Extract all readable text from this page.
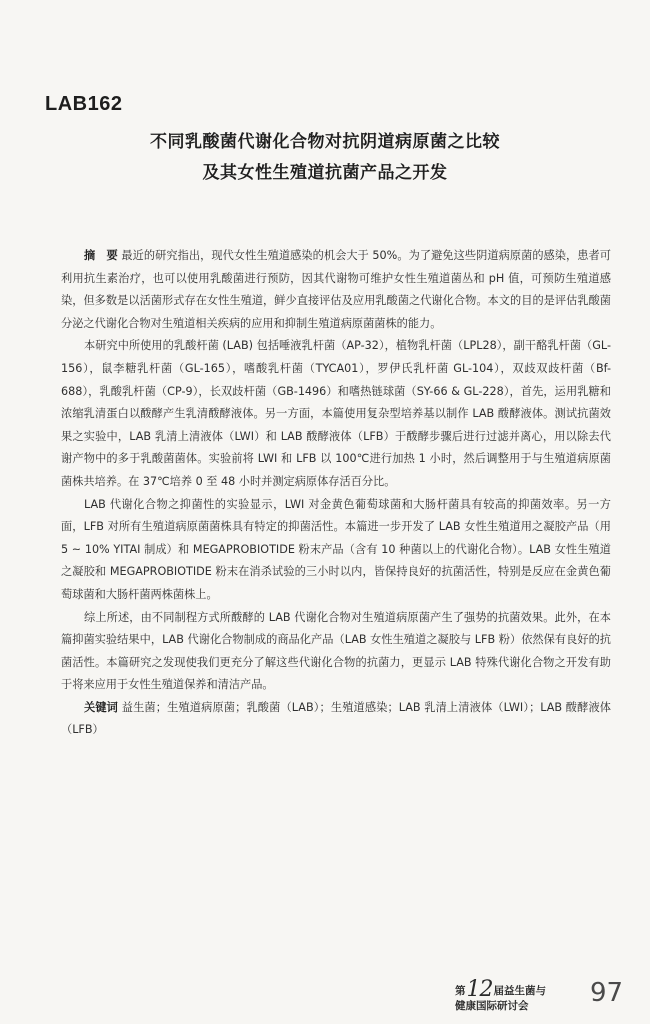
LAB162
不同乳酸菌代谢化合物对抗阴道病原菌之比较
及其女性生殖道抗菌产品之开发

摘　要 最近的研究指出，现代女性生殖道感染的机会大于 50%。为了避免这些阴道病原菌的感染，患者可利用抗生素治疗，也可以使用乳酸菌进行预防，因其代谢物可维护女性生殖道菌丛和 pH 值，可预防生殖道感染，但多数是以活菌形式存在女性生殖道，鲜少直接评估及应用乳酸菌之代谢化合物。本文的目的是评估乳酸菌分泌之代谢化合物对生殖道相关疾病的应用和抑制生殖道病原菌菌株的能力。

本研究中所使用的乳酸杆菌 (LAB) 包括唾液乳杆菌（AP-32），植物乳杆菌（LPL28），副干酪乳杆菌（GL-156），鼠李糖乳杆菌（GL-165），嗜酸乳杆菌（TYCA01），罗伊氏乳杆菌 GL-104），双歧双歧杆菌（Bf-688），乳酸乳杆菌（CP-9），长双歧杆菌（GB-1496）和嗜热链球菌（SY-66 & GL-228），首先，运用乳糖和浓缩乳清蛋白以酦酵产生乳清酦酵液体。另一方面，本篇使用复杂型培养基以制作 LAB 酦酵液体。测试抗菌效果之实验中，LAB 乳清上清液体（LWI）和 LAB 酦酵液体（LFB）于酦酵步骤后进行过滤并离心，用以除去代谢产物中的多于乳酸菌菌体。实验前将 LWI 和 LFB 以 100℃进行加热 1 小时，然后调整用于与生殖道病原菌菌株共培养。在 37℃培养 0 至 48 小时并测定病原体存活百分比。

LAB 代谢化合物之抑菌性的实验显示，LWI 对金黄色葡萄球菌和大肠杆菌具有较高的抑菌效率。另一方面，LFB 对所有生殖道病原菌菌株具有特定的抑菌活性。本篇进一步开发了 LAB 女性生殖道用之凝胶产品（用 5 ~ 10% YITAI 制成）和 MEGAPROBIOTIDE 粉末产品（含有 10 种菌以上的代谢化合物）。LAB 女性生殖道之凝胶和 MEGAPROBIOTIDE 粉末在消杀试验的三小时以内，皆保持良好的抗菌活性，特别是反应在金黄色葡萄球菌和大肠杆菌两株菌株上。

综上所述，由不同制程方式所酦酵的 LAB 代谢化合物对生殖道病原菌产生了强势的抗菌效果。此外，在本篇抑菌实验结果中，LAB 代谢化合物制成的商品化产品（LAB 女性生殖道之凝胶与 LFB 粉）依然保有良好的抗菌活性。本篇研究之发现使我们更充分了解这些代谢化合物的抗菌力，更显示 LAB 特殊代谢化合物之开发有助于将来应用于女性生殖道保养和清洁产品。

关键词 益生菌；生殖道病原菌；乳酸菌（LAB）；生殖道感染；LAB 乳清上清液体（LWI）；LAB 酦酵液体（LFB）

第12届益生菌与
健康国际研讨会	97
